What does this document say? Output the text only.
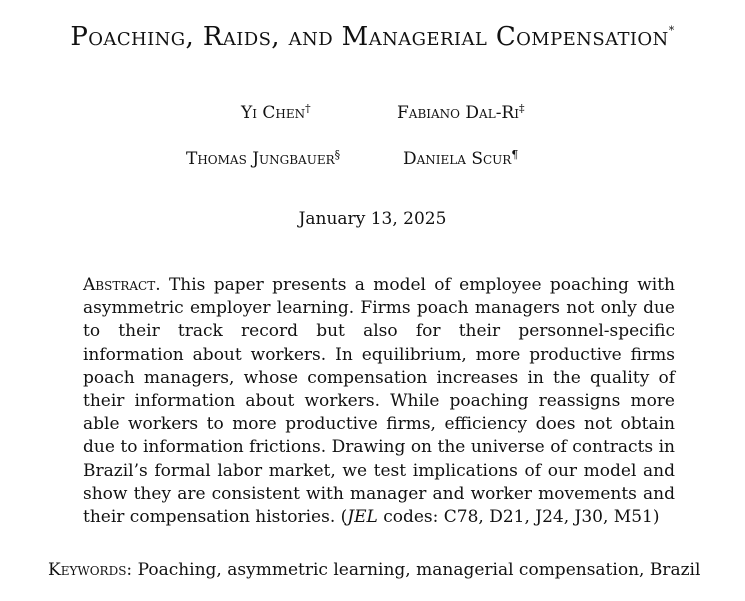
Poaching, Raids, and Managerial Compensation*
Yi Chen†	Fabiano Dal-Ri‡
Thomas Jungbauer§	Daniela Scur¶
January 13, 2025
Abstract. This paper presents a model of employee poaching with asymmetric employer learning. Firms poach managers not only due to their track record but also for their personnel-specific information about workers. In equilibrium, more productive firms poach managers, whose compensation increases in the quality of their information about workers. While poaching reassigns more able workers to more productive firms, efficiency does not obtain due to information frictions. Drawing on the universe of contracts in Brazil’s formal labor market, we test implications of our model and show they are consistent with manager and worker movements and their compensation histories. (JEL codes: C78, D21, J24, J30, M51)
Keywords: Poaching, asymmetric learning, managerial compensation, Brazil
